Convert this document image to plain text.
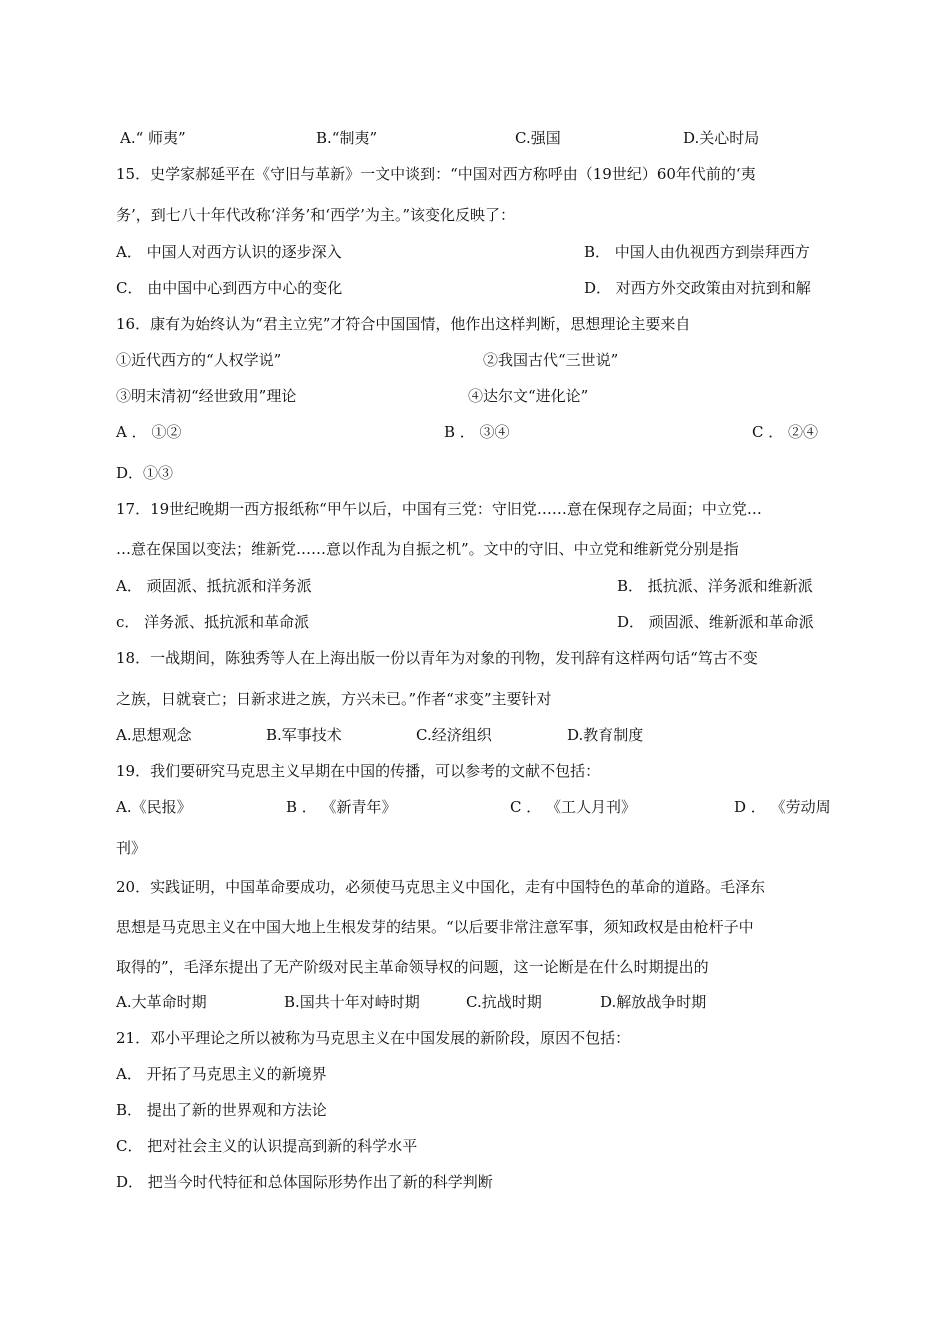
A.“ 师夷”	B.“制夷”	C.强国	D.关心时局
15．史学家郝延平在《守旧与革新》一文中谈到：“中国对西方称呼由（19世纪）60年代前的‘夷
务’，到七八十年代改称‘洋务’和‘西学’为主。”该变化反映了：
A． 中国人对西方认识的逐步深入	B． 中国人由仇视西方到崇拜西方
C． 由中国中心到西方中心的变化	D． 对西方外交政策由对抗到和解
16．康有为始终认为“君主立宪”才符合中国国情，他作出这样判断，思想理论主要来自
①近代西方的“人权学说”	②我国古代“三世说”
③明末清初“经世致用”理论	④达尔文“进化论”
A ． ①②	B ． ③④	C ． ②④
D．①③
17．19世纪晚期一西方报纸称“甲午以后，中国有三党：守旧党……意在保现存之局面；中立党…
…意在保国以变法；维新党……意以作乱为自振之机”。文中的守旧、中立党和维新党分别是指
A． 顽固派、抵抗派和洋务派	B． 抵抗派、洋务派和维新派
c． 洋务派、抵抗派和革命派	D． 顽固派、维新派和革命派
18．一战期间，陈独秀等人在上海出版一份以青年为对象的刊物，发刊辞有这样两句话“笃古不变
之族，日就衰亡；日新求进之族，方兴未已。”作者“求变”主要针对
A.思想观念	B.军事技术	C.经济组织	D.教育制度
19．我们要研究马克思主义早期在中国的传播，可以参考的文献不包括：
A.《民报》	B ． 《新青年》	C ． 《工人月刊》	D ． 《劳动周
刊》
20．实践证明，中国革命要成功，必须使马克思主义中国化，走有中国特色的革命的道路。毛泽东
思想是马克思主义在中国大地上生根发芽的结果。“以后要非常注意军事，须知政权是由枪杆子中
取得的”，毛泽东提出了无产阶级对民主革命领导权的问题，这一论断是在什么时期提出的
A.大革命时期	B.国共十年对峙时期	C.抗战时期	D.解放战争时期
21．邓小平理论之所以被称为马克思主义在中国发展的新阶段，原因不包括：
A． 开拓了马克思主义的新境界
B． 提出了新的世界观和方法论
C． 把对社会主义的认识提高到新的科学水平
D． 把当今时代特征和总体国际形势作出了新的科学判断
